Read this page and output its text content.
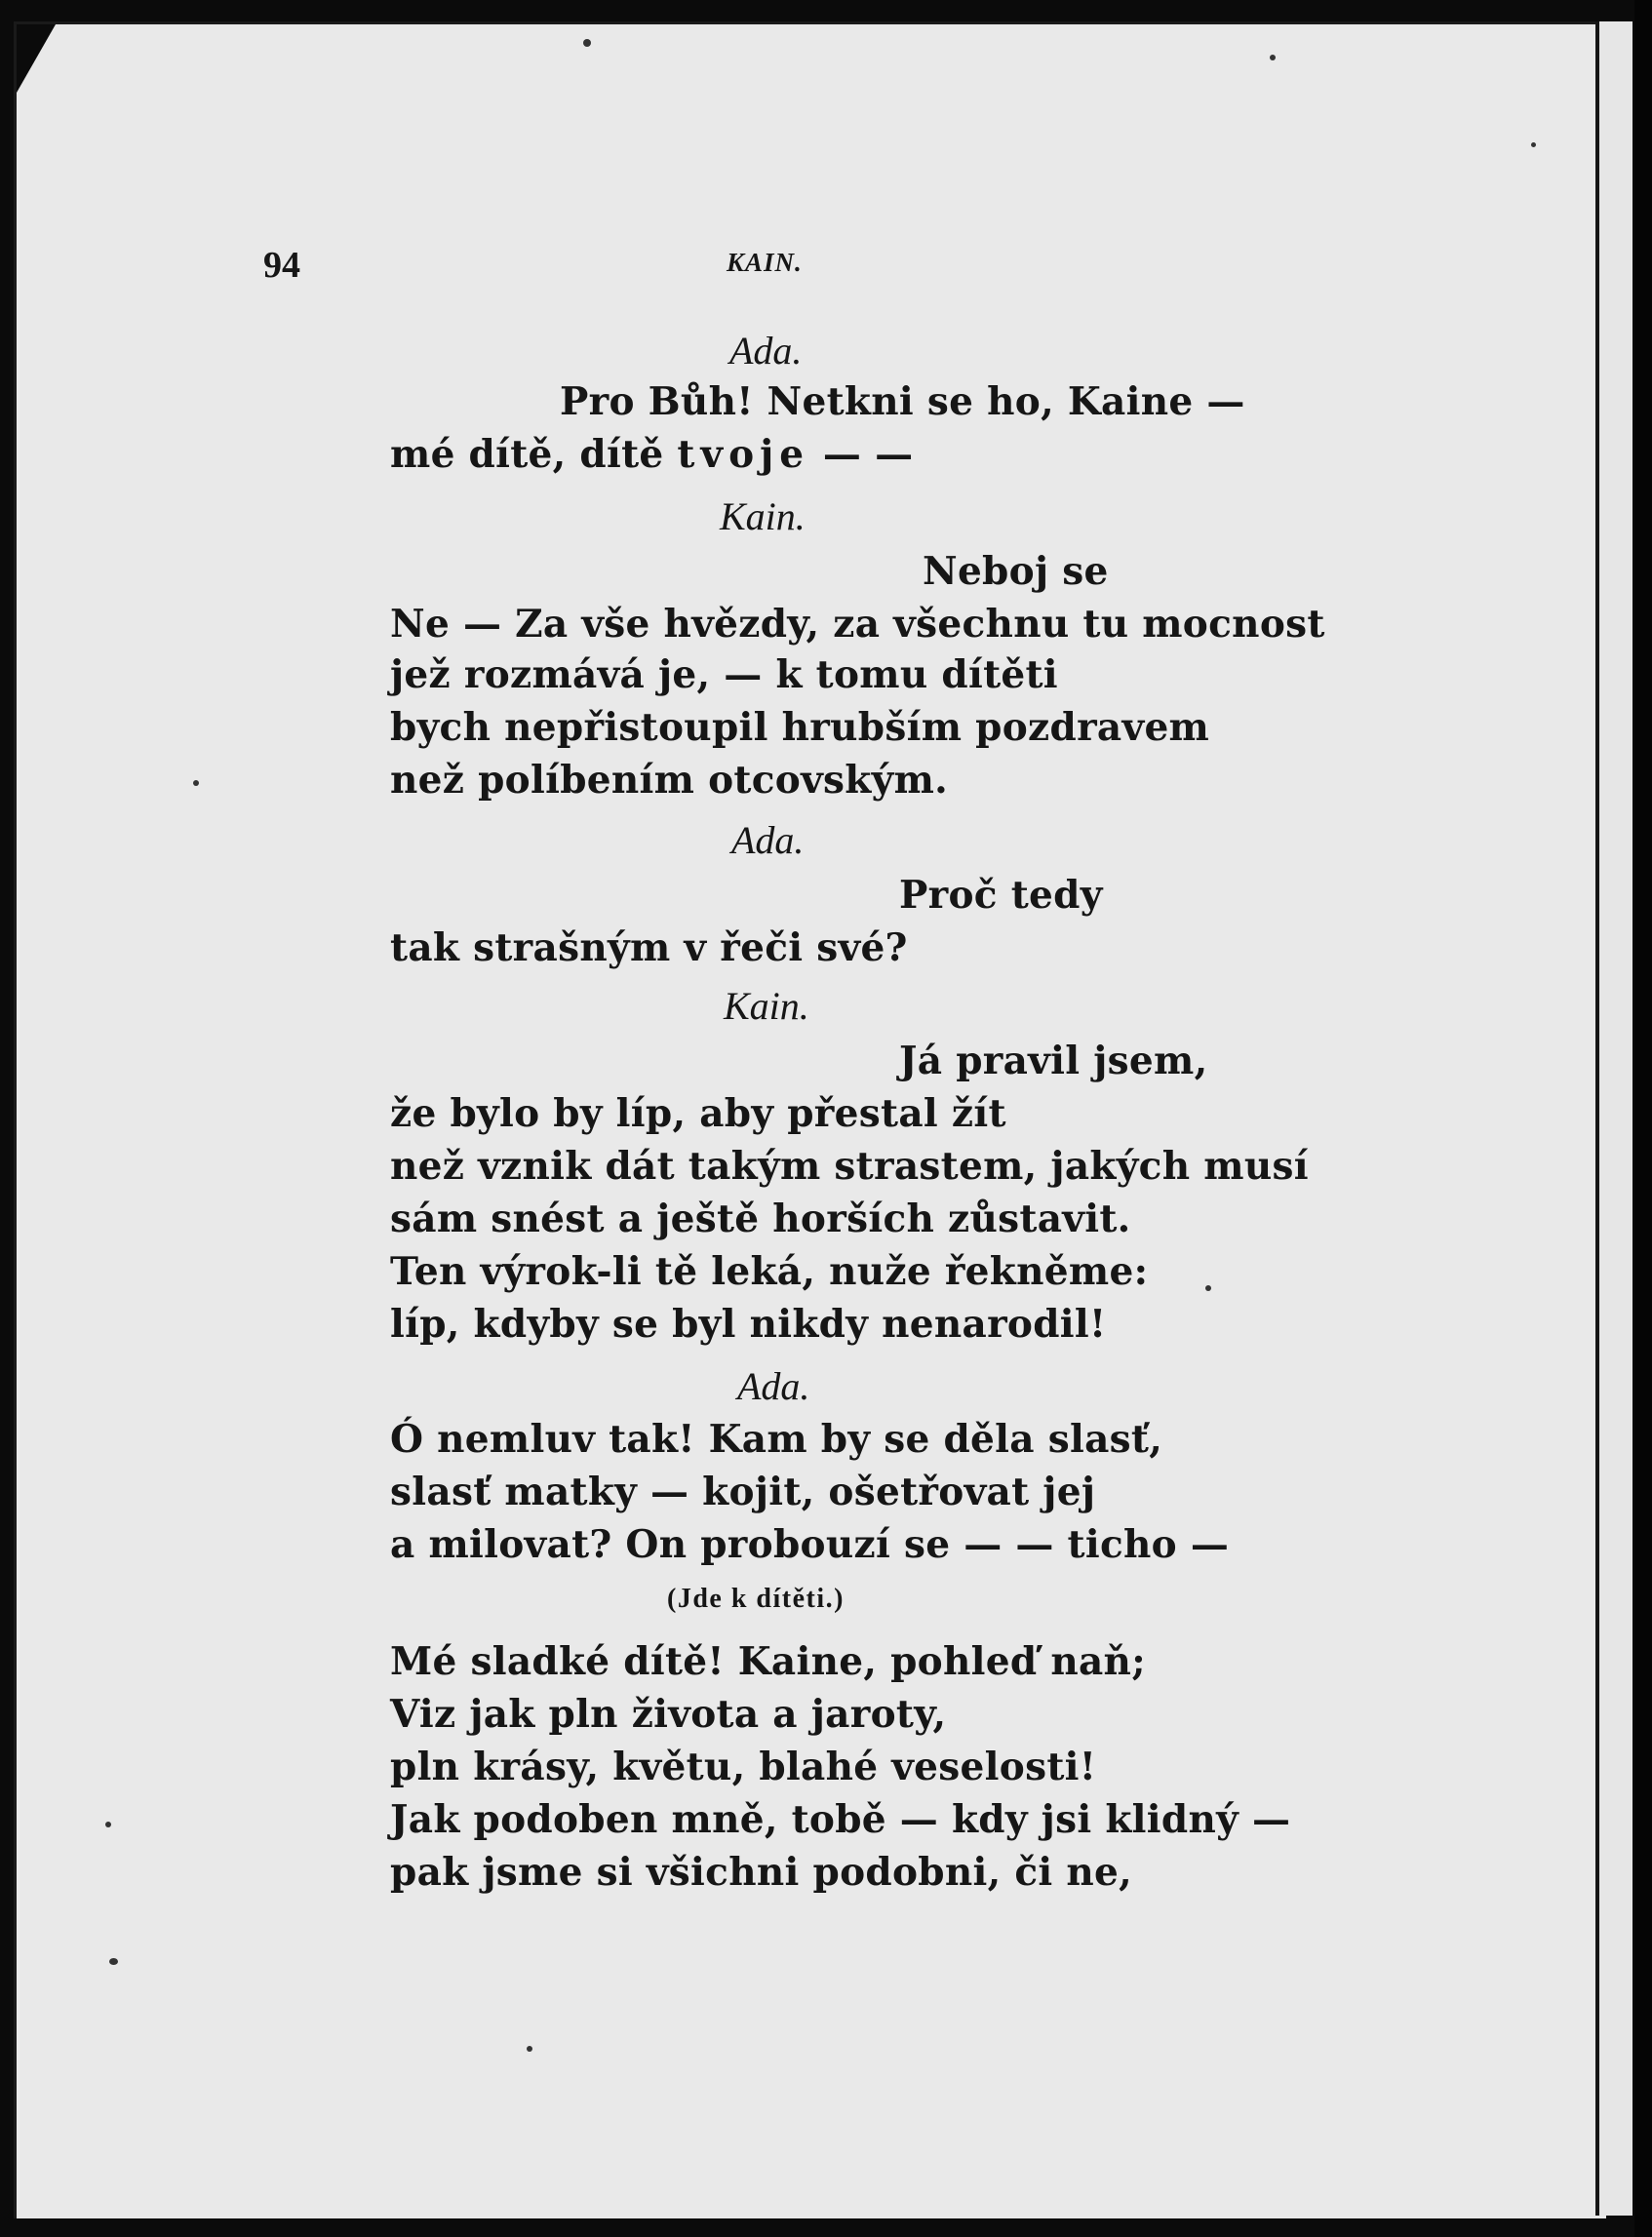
94	KAIN.
Ada.
Pro Bůh! Netkni se ho, Kaine —
mé dítě, dítě tvoje — —
Kain.
Neboj se
Ne — Za vše hvězdy, za všechnu tu mocnost
jež rozmává je, — k tomu dítěti
bych nepřistoupil hrubším pozdravem
než políbením otcovským.
Ada.
Proč tedy
tak strašným v řeči své?
Kain.
Já pravil jsem,
že bylo by líp, aby přestal žít
než vznik dát takým strastem, jakých musí
sám snést a ještě horších zůstavit.
Ten výrok-li tě leká, nuže řekněme:
líp, kdyby se byl nikdy nenarodil!
Ada.
Ó nemluv tak! Kam by se děla slasť,
slasť matky — kojit, ošetřovat jej
a milovat? On probouzí se — — ticho —
(Jde k dítěti.)
Mé sladké dítě! Kaine, pohleď naň;
Viz jak pln života a jaroty,
pln krásy, květu, blahé veselosti!
Jak podoben mně, tobě — kdy jsi klidný —
pak jsme si všichni podobni, či ne,
